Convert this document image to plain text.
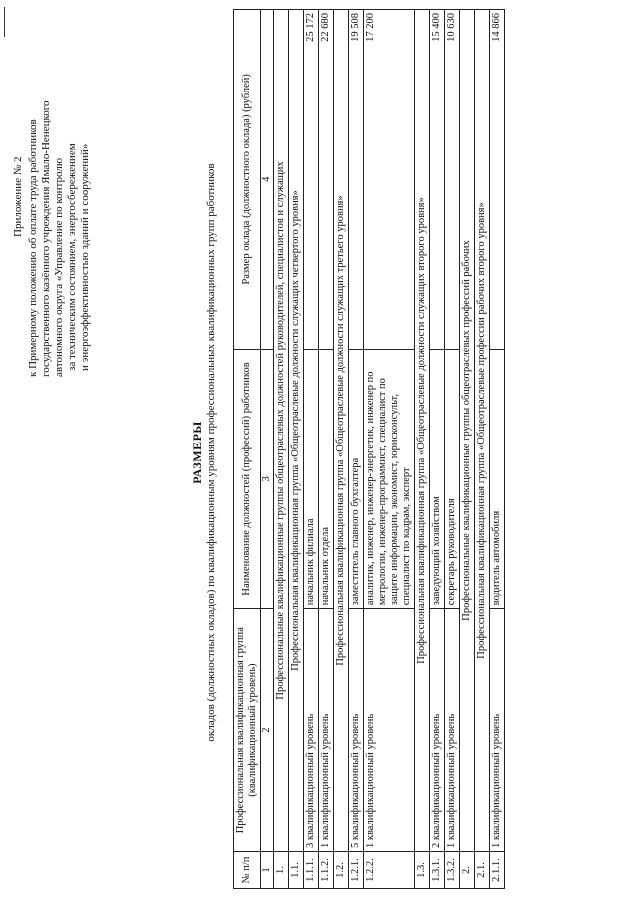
Приложение № 2 к Примерному положению об оплате труда работников государственного казённого учреждения Ямало-Ненецкого автономного округа «Управление по контролю за техническим состоянием, энергосбережением и энергоэффективностью зданий и сооружений»
РАЗМЕРЫ окладов (должностных окладов) по квалификационным уровням профессиональных квалификационных групп работников
№ п/п	Профессиональная квалификационная группа (квалификационный уровень)	Наименование должностей (профессий) работников	Размер оклада (должностного оклада) (рублей)
1	2	3	4
1.	Профессиональные квалификационные группы общеотраслевых должностей руководителей, специалистов и служащих		
1.1.	Профессиональная квалификационная группа «Общеотраслевые должности служащих четвертого уровня»		
1.1.1.	3 квалификационный уровень	начальник филиала	25 172
1.1.2.	1 квалификационный уровень	начальник отдела	22 680
1.2.	Профессиональная квалификационная группа «Общеотраслевые должности служащих третьего уровня»		
1.2.1.	5 квалификационный уровень	заместитель главного бухгалтера	19 508
1.2.2.	1 квалификационный уровень	аналитик, инженер, инженер-энергетик, инженер по метрологии, инженер-программист, специалист по защите информации, экономист, юрисконсульт, специалист по кадрам, эксперт	17 200
1.3.	Профессиональная квалификационная группа «Общеотраслевые должности служащих второго уровня»		
1.3.1.	2 квалификационный уровень	заведующий хозяйством	15 400
1.3.2.	1 квалификационный уровень	секретарь руководителя	10 630
2.	Профессиональные квалификационные группы общеотраслевых профессий рабочих		
2.1.	Профессиональная квалификационная группа «Общеотраслевые профессии рабочих второго уровня»		
2.1.1.	1 квалификационный уровень	водитель автомобиля	14 866
